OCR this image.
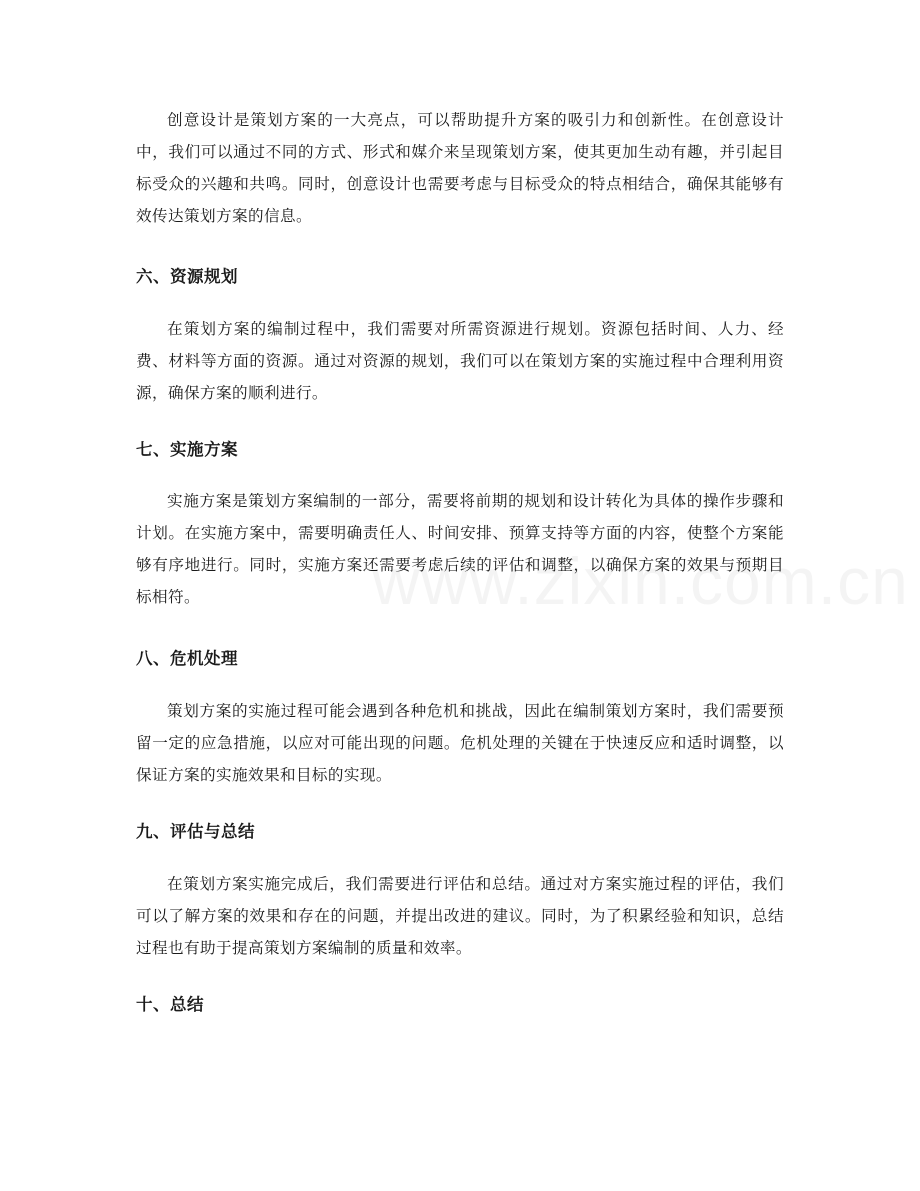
创意设计是策划方案的一大亮点，可以帮助提升方案的吸引力和创新性。在创意设计中，我们可以通过不同的方式、形式和媒介来呈现策划方案，使其更加生动有趣，并引起目标受众的兴趣和共鸣。同时，创意设计也需要考虑与目标受众的特点相结合，确保其能够有效传达策划方案的信息。

六、资源规划

在策划方案的编制过程中，我们需要对所需资源进行规划。资源包括时间、人力、经费、材料等方面的资源。通过对资源的规划，我们可以在策划方案的实施过程中合理利用资源，确保方案的顺利进行。

七、实施方案

实施方案是策划方案编制的一部分，需要将前期的规划和设计转化为具体的操作步骤和计划。在实施方案中，需要明确责任人、时间安排、预算支持等方面的内容，使整个方案能够有序地进行。同时，实施方案还需要考虑后续的评估和调整，以确保方案的效果与预期目标相符。

八、危机处理

策划方案的实施过程可能会遇到各种危机和挑战，因此在编制策划方案时，我们需要预留一定的应急措施，以应对可能出现的问题。危机处理的关键在于快速反应和适时调整，以保证方案的实施效果和目标的实现。

九、评估与总结

在策划方案实施完成后，我们需要进行评估和总结。通过对方案实施过程的评估，我们可以了解方案的效果和存在的问题，并提出改进的建议。同时，为了积累经验和知识，总结过程也有助于提高策划方案编制的质量和效率。

十、总结
